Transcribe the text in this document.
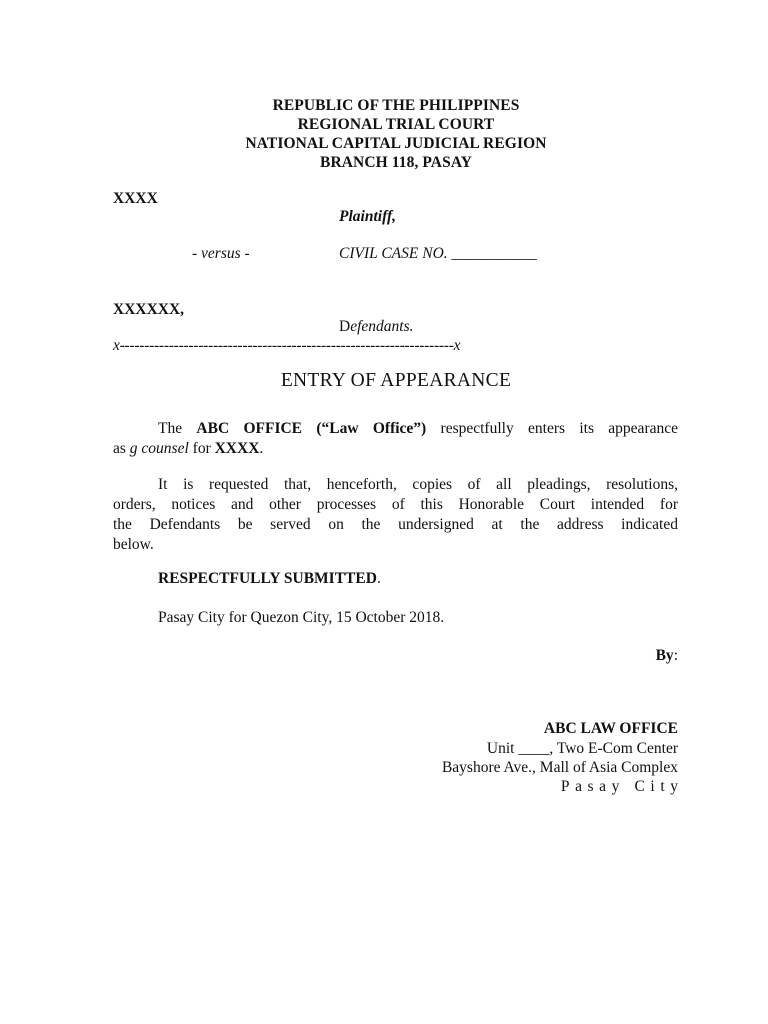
REPUBLIC OF THE PHILIPPINES
REGIONAL TRIAL COURT
NATIONAL CAPITAL JUDICIAL REGION
BRANCH 118, PASAY
XXXX
Plaintiff,
- versus -	CIVIL CASE NO. ___________
XXXXXX,
Defendants.
x--------------------------------------------------------------------x
ENTRY OF APPEARANCE
The ABC OFFICE (“Law Office”) respectfully enters its appearance
as g counsel for XXXX.
It is requested that, henceforth, copies of all pleadings, resolutions,
orders, notices and other processes of this Honorable Court intended for
the Defendants be served on the undersigned at the address indicated
below.
RESPECTFULLY SUBMITTED.
Pasay City for Quezon City, 15 October 2018.
By:
ABC LAW OFFICE
Unit ____, Two E-Com Center
Bayshore Ave., Mall of Asia Complex
Pasay City
